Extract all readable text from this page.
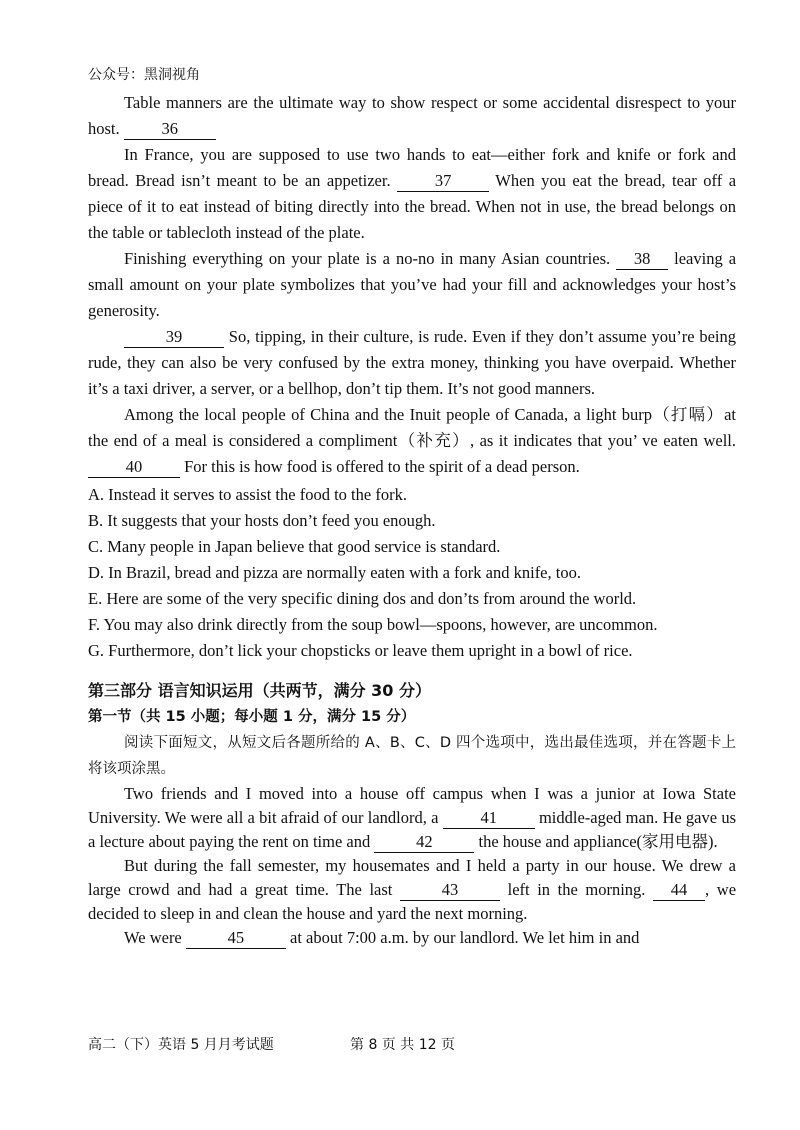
公众号：黑洞视角

Table manners are the ultimate way to show respect or some accidental disrespect to your host.	36

In France, you are supposed to use two hands to eat—either fork and knife or fork and bread. Bread isn’t meant to be an appetizer.	37	When you eat the bread, tear off a piece of it to eat instead of biting directly into the bread. When not in use, the bread belongs on the table or tablecloth instead of the plate.

Finishing everything on your plate is a no-no in many Asian countries. 38 leaving a small amount on your plate symbolizes that you’ve had your fill and acknowledges your host’s generosity.

39	So, tipping, in their culture, is rude. Even if they don’t assume you’re being rude, they can also be very confused by the extra money, thinking you have overpaid. Whether it’s a taxi driver, a server, or a bellhop, don’t tip them. It’s not good manners.

Among the local people of China and the Inuit people of Canada, a light burp（打嗝）at the end of a meal is considered a compliment（补充）, as it indicates that you’ ve eaten well. 40	For this is how food is offered to the spirit of a dead person.

A. Instead it serves to assist the food to the fork.

B. It suggests that your hosts don’t feed you enough.

C. Many people in Japan believe that good service is standard.

D. In Brazil, bread and pizza are normally eaten with a fork and knife, too.

E. Here are some of the very specific dining dos and don’ts from around the world.

F. You may also drink directly from the soup bowl—spoons, however, are uncommon.

G. Furthermore, don’t lick your chopsticks or leave them upright in a bowl of rice.

第三部分 语言知识运用（共两节，满分 30 分）
第一节（共 15 小题；每小题 1 分，满分 15 分）

阅读下面短文，从短文后各题所给的 A、B、C、D 四个选项中，选出最佳选项，并在答题卡上将该项涂黑。

Two friends and I moved into a house off campus when I was a junior at Iowa State University. We were all a bit afraid of our landlord, a	41	middle-aged man. He gave us a lecture about paying the rent on time and	42	the house and appliance(家用电器).

But during the fall semester, my housemates and I held a party in our house. We drew a large crowd and had a great time. The last	43	left in the morning. 44 , we decided to sleep in and clean the house and yard the next morning.

We were	45	at about 7:00 a.m. by our landlord. We let him in and

高二（下）英语 5 月月考试题	第 8 页 共 12 页
